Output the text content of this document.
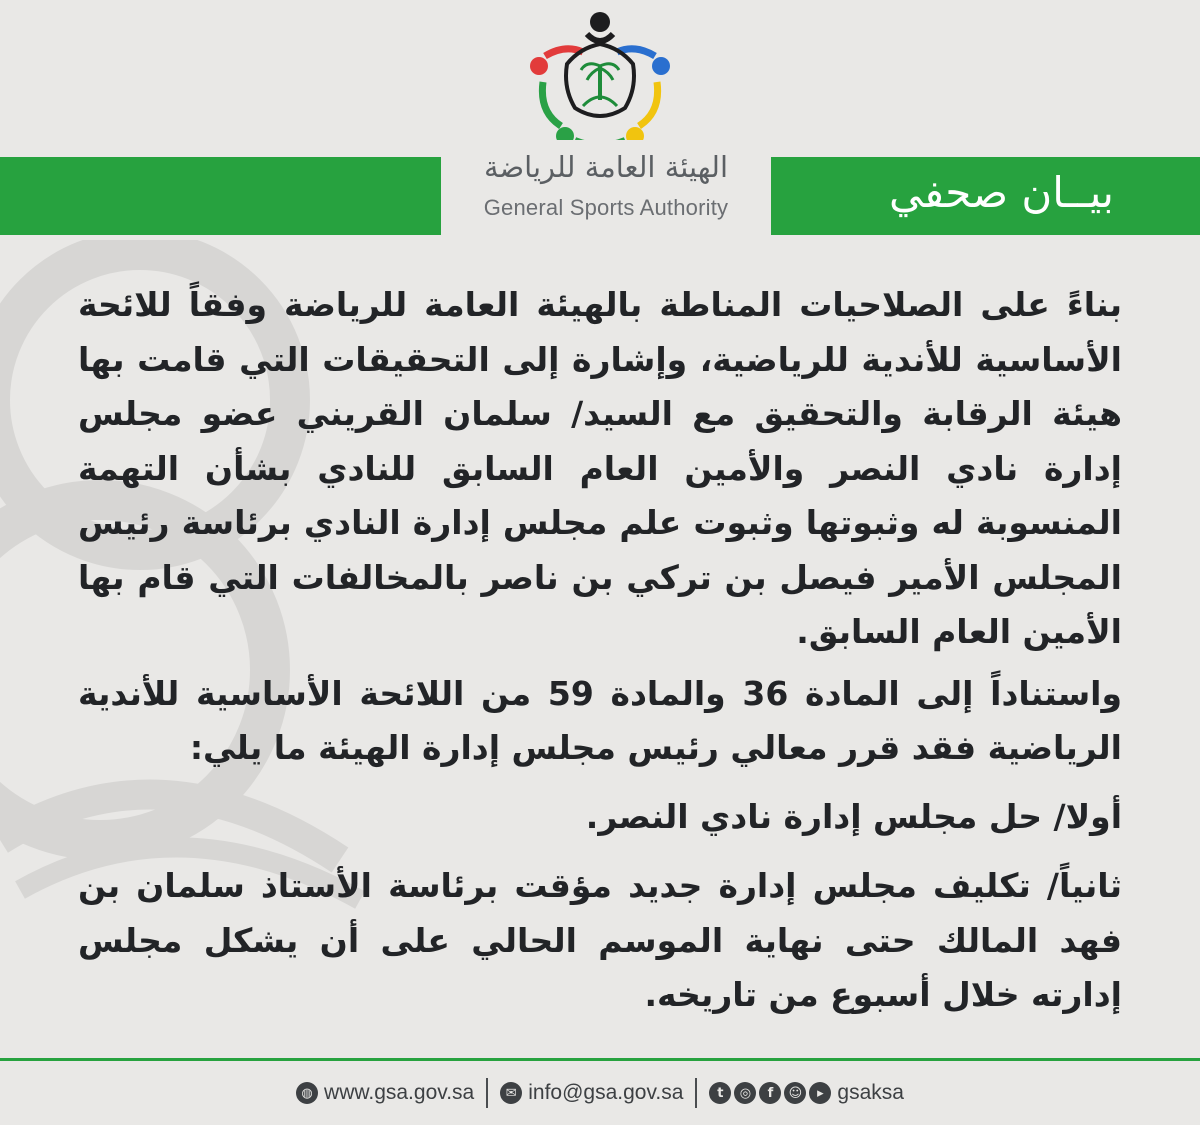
الهيئة العامة للرياضة
General Sports Authority	بيــان صحفي

بناءً على الصلاحيات المناطة بالهيئة العامة للرياضة وفقاً للائحة الأساسية للأندية للرياضية، وإشارة إلى التحقيقات التي قامت بها هيئة الرقابة والتحقيق مع السيد/ سلمان القريني عضو مجلس إدارة نادي النصر والأمين العام السابق للنادي بشأن التهمة المنسوبة له وثبوتها وثبوت علم مجلس إدارة النادي برئاسة رئيس المجلس الأمير فيصل بن تركي بن ناصر بالمخالفات التي قام بها الأمين العام السابق.

واستناداً إلى المادة 36 والمادة 59 من اللائحة الأساسية للأندية الرياضية فقد قرر معالي رئيس مجلس إدارة الهيئة ما يلي:

أولا/ حل مجلس إدارة نادي النصر.

ثانياً/ تكليف مجلس إدارة جديد مؤقت برئاسة الأستاذ سلمان بن فهد المالك حتى نهاية الموسم الحالي على أن يشكل مجلس إدارته خلال أسبوع من تاريخه.

◍ www.gsa.gov.sa	✉ info@gsa.gov.sa	t	◎	f	☺	▸ gsaksa
